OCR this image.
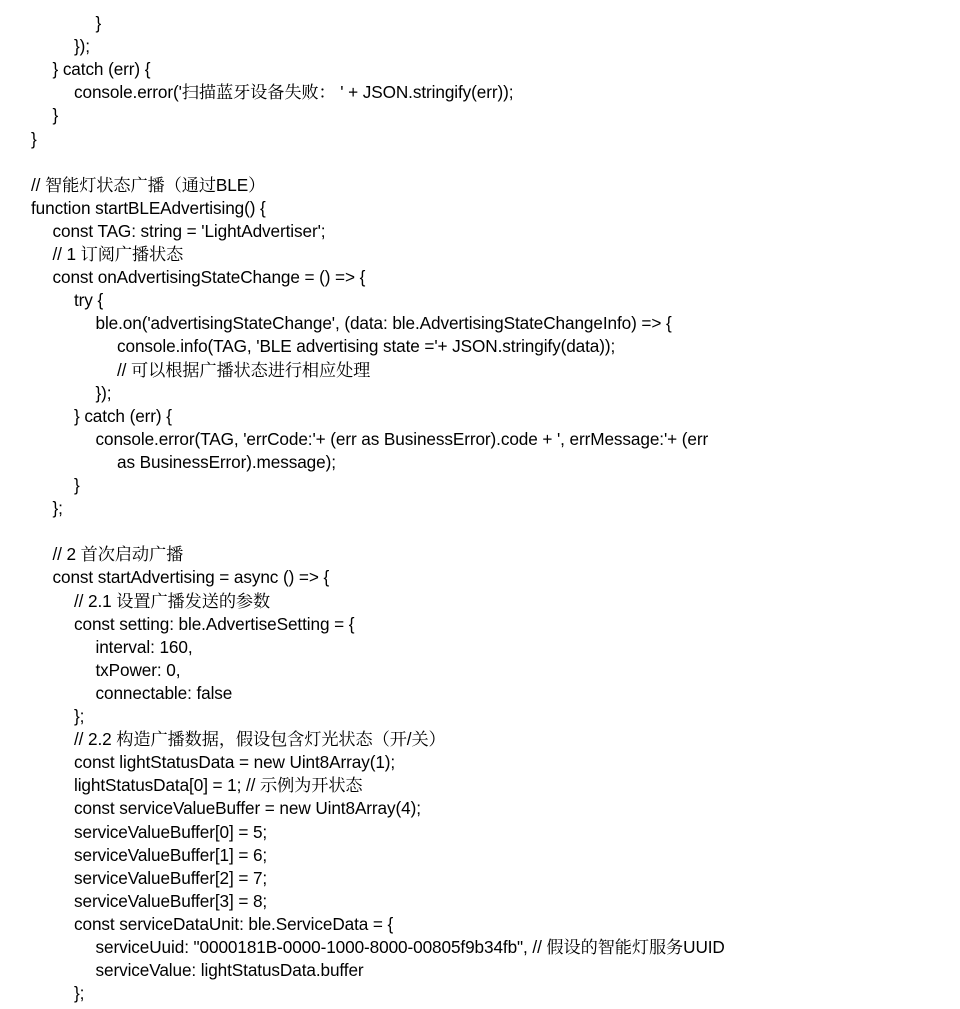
}
});
} catch (err) {
console.error('扫描蓝牙设备失败： ' + JSON.stringify(err));
}
}
// 智能灯状态广播（通过BLE）
function startBLEAdvertising() {
const TAG: string = 'LightAdvertiser';
// 1 订阅广播状态
const onAdvertisingStateChange = () => {
try {
ble.on('advertisingStateChange', (data: ble.AdvertisingStateChangeInfo) => {
console.info(TAG, 'BLE advertising state ='+ JSON.stringify(data));
// 可以根据广播状态进行相应处理
});
} catch (err) {
console.error(TAG, 'errCode:'+ (err as BusinessError).code + ', errMessage:'+ (err
as BusinessError).message);
}
};
// 2 首次启动广播
const startAdvertising = async () => {
// 2.1 设置广播发送的参数
const setting: ble.AdvertiseSetting = {
interval: 160,
txPower: 0,
connectable: false
};
// 2.2 构造广播数据，假设包含灯光状态（开/关）
const lightStatusData = new Uint8Array(1);
lightStatusData[0] = 1; // 示例为开状态
const serviceValueBuffer = new Uint8Array(4);
serviceValueBuffer[0] = 5;
serviceValueBuffer[1] = 6;
serviceValueBuffer[2] = 7;
serviceValueBuffer[3] = 8;
const serviceDataUnit: ble.ServiceData = {
serviceUuid: "0000181B-0000-1000-8000-00805f9b34fb", // 假设的智能灯服务UUID
serviceValue: lightStatusData.buffer
};
